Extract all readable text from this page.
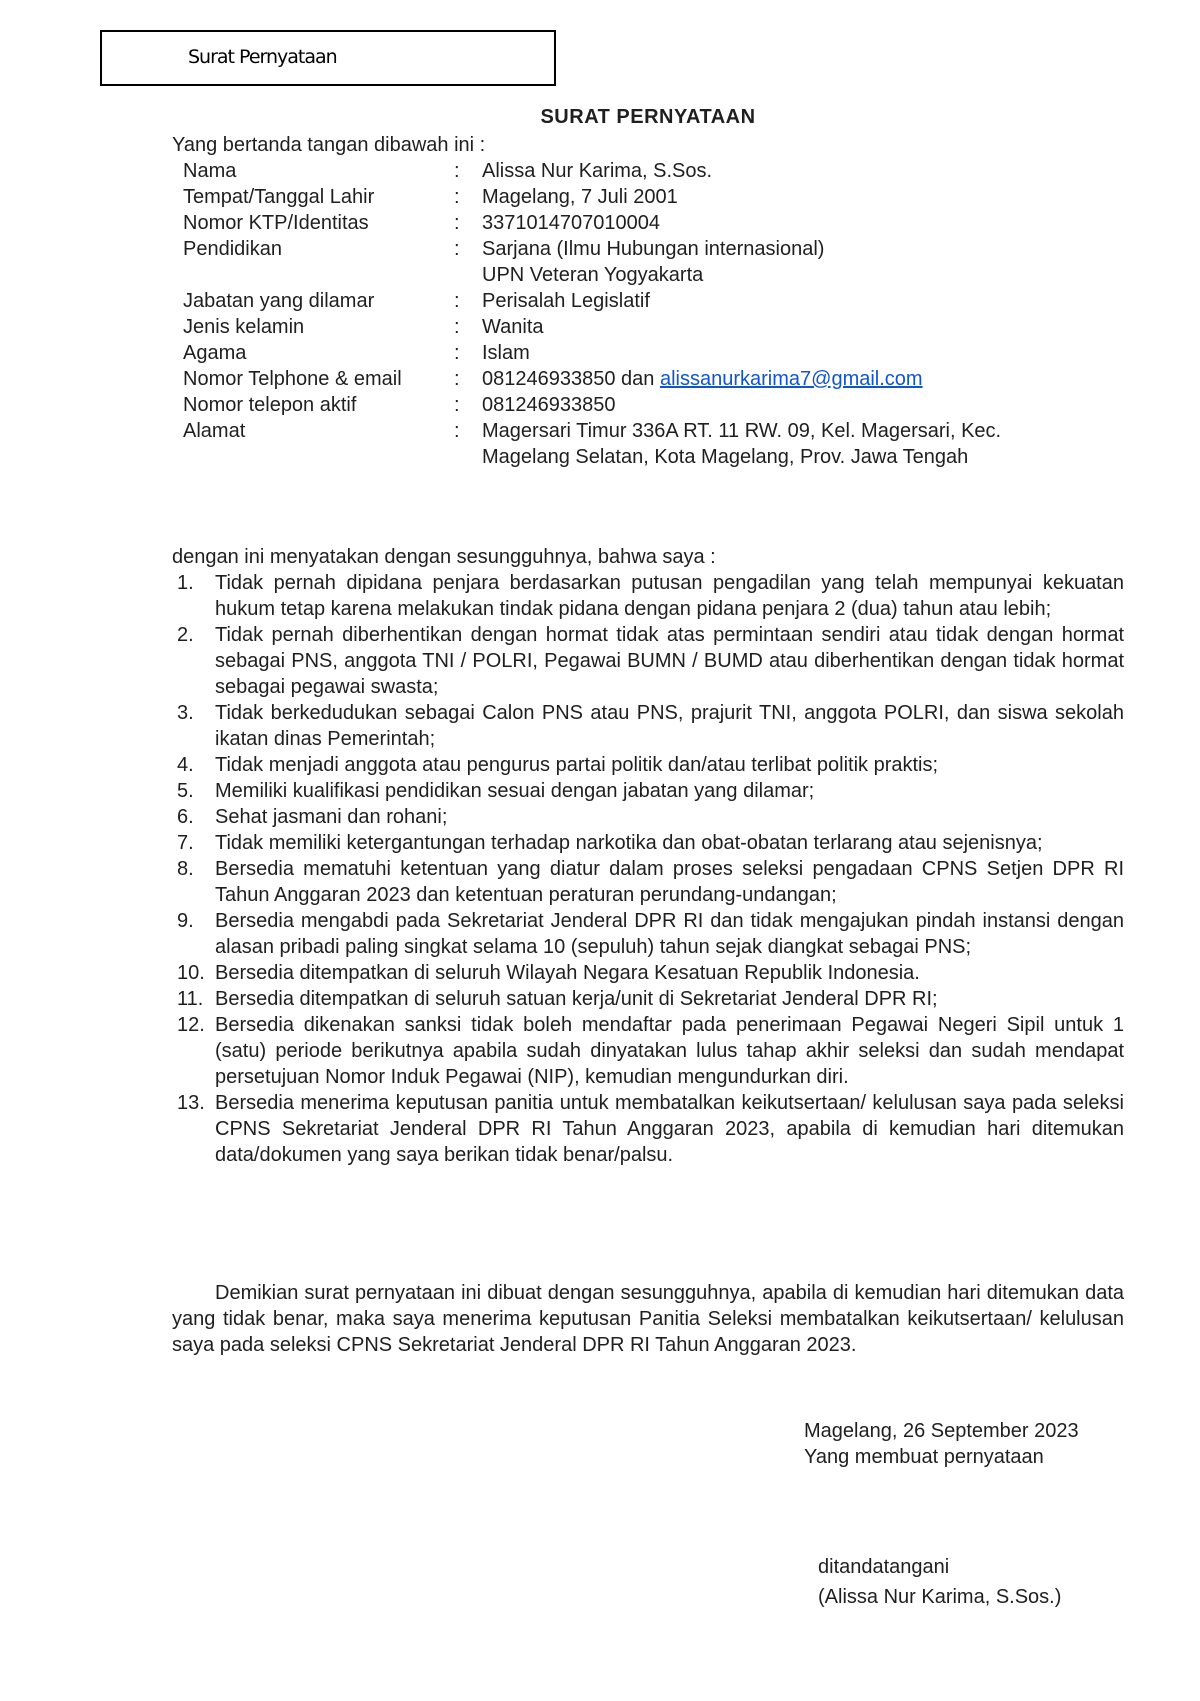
Surat Pernyataan
SURAT PERNYATAAN
Yang bertanda tangan dibawah ini :
Nama	:	Alissa Nur Karima, S.Sos.
Tempat/Tanggal Lahir	:	Magelang, 7 Juli 2001
Nomor KTP/Identitas	:	3371014707010004
Pendidikan	:	Sarjana (Ilmu Hubungan internasional)
UPN Veteran Yogyakarta
Jabatan yang dilamar	:	Perisalah Legislatif
Jenis kelamin	:	Wanita
Agama	:	Islam
Nomor Telphone & email	:	081246933850 dan alissanurkarima7@gmail.com
Nomor telepon aktif	:	081246933850
Alamat	:	Magersari Timur 336A RT. 11 RW. 09, Kel. Magersari, Kec. Magelang Selatan, Kota Magelang, Prov. Jawa Tengah
dengan ini menyatakan dengan sesungguhnya, bahwa saya :
1.	Tidak pernah dipidana penjara berdasarkan putusan pengadilan yang telah mempunyai kekuatan hukum tetap karena melakukan tindak pidana dengan pidana penjara 2 (dua) tahun atau lebih;
2.	Tidak pernah diberhentikan dengan hormat tidak atas permintaan sendiri atau tidak dengan hormat sebagai PNS, anggota TNI / POLRI, Pegawai BUMN / BUMD atau diberhentikan dengan tidak hormat sebagai pegawai swasta;
3.	Tidak berkedudukan sebagai Calon PNS atau PNS, prajurit TNI, anggota POLRI, dan siswa sekolah ikatan dinas Pemerintah;
4.	Tidak menjadi anggota atau pengurus partai politik dan/atau terlibat politik praktis;
5.	Memiliki kualifikasi pendidikan sesuai dengan jabatan yang dilamar;
6.	Sehat jasmani dan rohani;
7.	Tidak memiliki ketergantungan terhadap narkotika dan obat-obatan terlarang atau sejenisnya;
8.	Bersedia mematuhi ketentuan yang diatur dalam proses seleksi pengadaan CPNS Setjen DPR RI Tahun Anggaran 2023 dan ketentuan peraturan perundang-undangan;
9.	Bersedia mengabdi pada Sekretariat Jenderal DPR RI dan tidak mengajukan pindah instansi dengan alasan pribadi paling singkat selama 10 (sepuluh) tahun sejak diangkat sebagai PNS;
10. Bersedia ditempatkan di seluruh Wilayah Negara Kesatuan Republik Indonesia.
11. Bersedia ditempatkan di seluruh satuan kerja/unit di Sekretariat Jenderal DPR RI;
12. Bersedia dikenakan sanksi tidak boleh mendaftar pada penerimaan Pegawai Negeri Sipil untuk 1 (satu) periode berikutnya apabila sudah dinyatakan lulus tahap akhir seleksi dan sudah mendapat persetujuan Nomor Induk Pegawai (NIP), kemudian mengundurkan diri.
13. Bersedia menerima keputusan panitia untuk membatalkan keikutsertaan/ kelulusan saya pada seleksi CPNS Sekretariat Jenderal DPR RI Tahun Anggaran 2023, apabila di kemudian hari ditemukan data/dokumen yang saya berikan tidak benar/palsu.

Demikian surat pernyataan ini dibuat dengan sesungguhnya, apabila di kemudian hari ditemukan data yang tidak benar, maka saya menerima keputusan Panitia Seleksi membatalkan keikutsertaan/ kelulusan saya pada seleksi CPNS Sekretariat Jenderal DPR RI Tahun Anggaran 2023.

Magelang, 26 September 2023
Yang membuat pernyataan
ditandatangani
(Alissa Nur Karima, S.Sos.)
